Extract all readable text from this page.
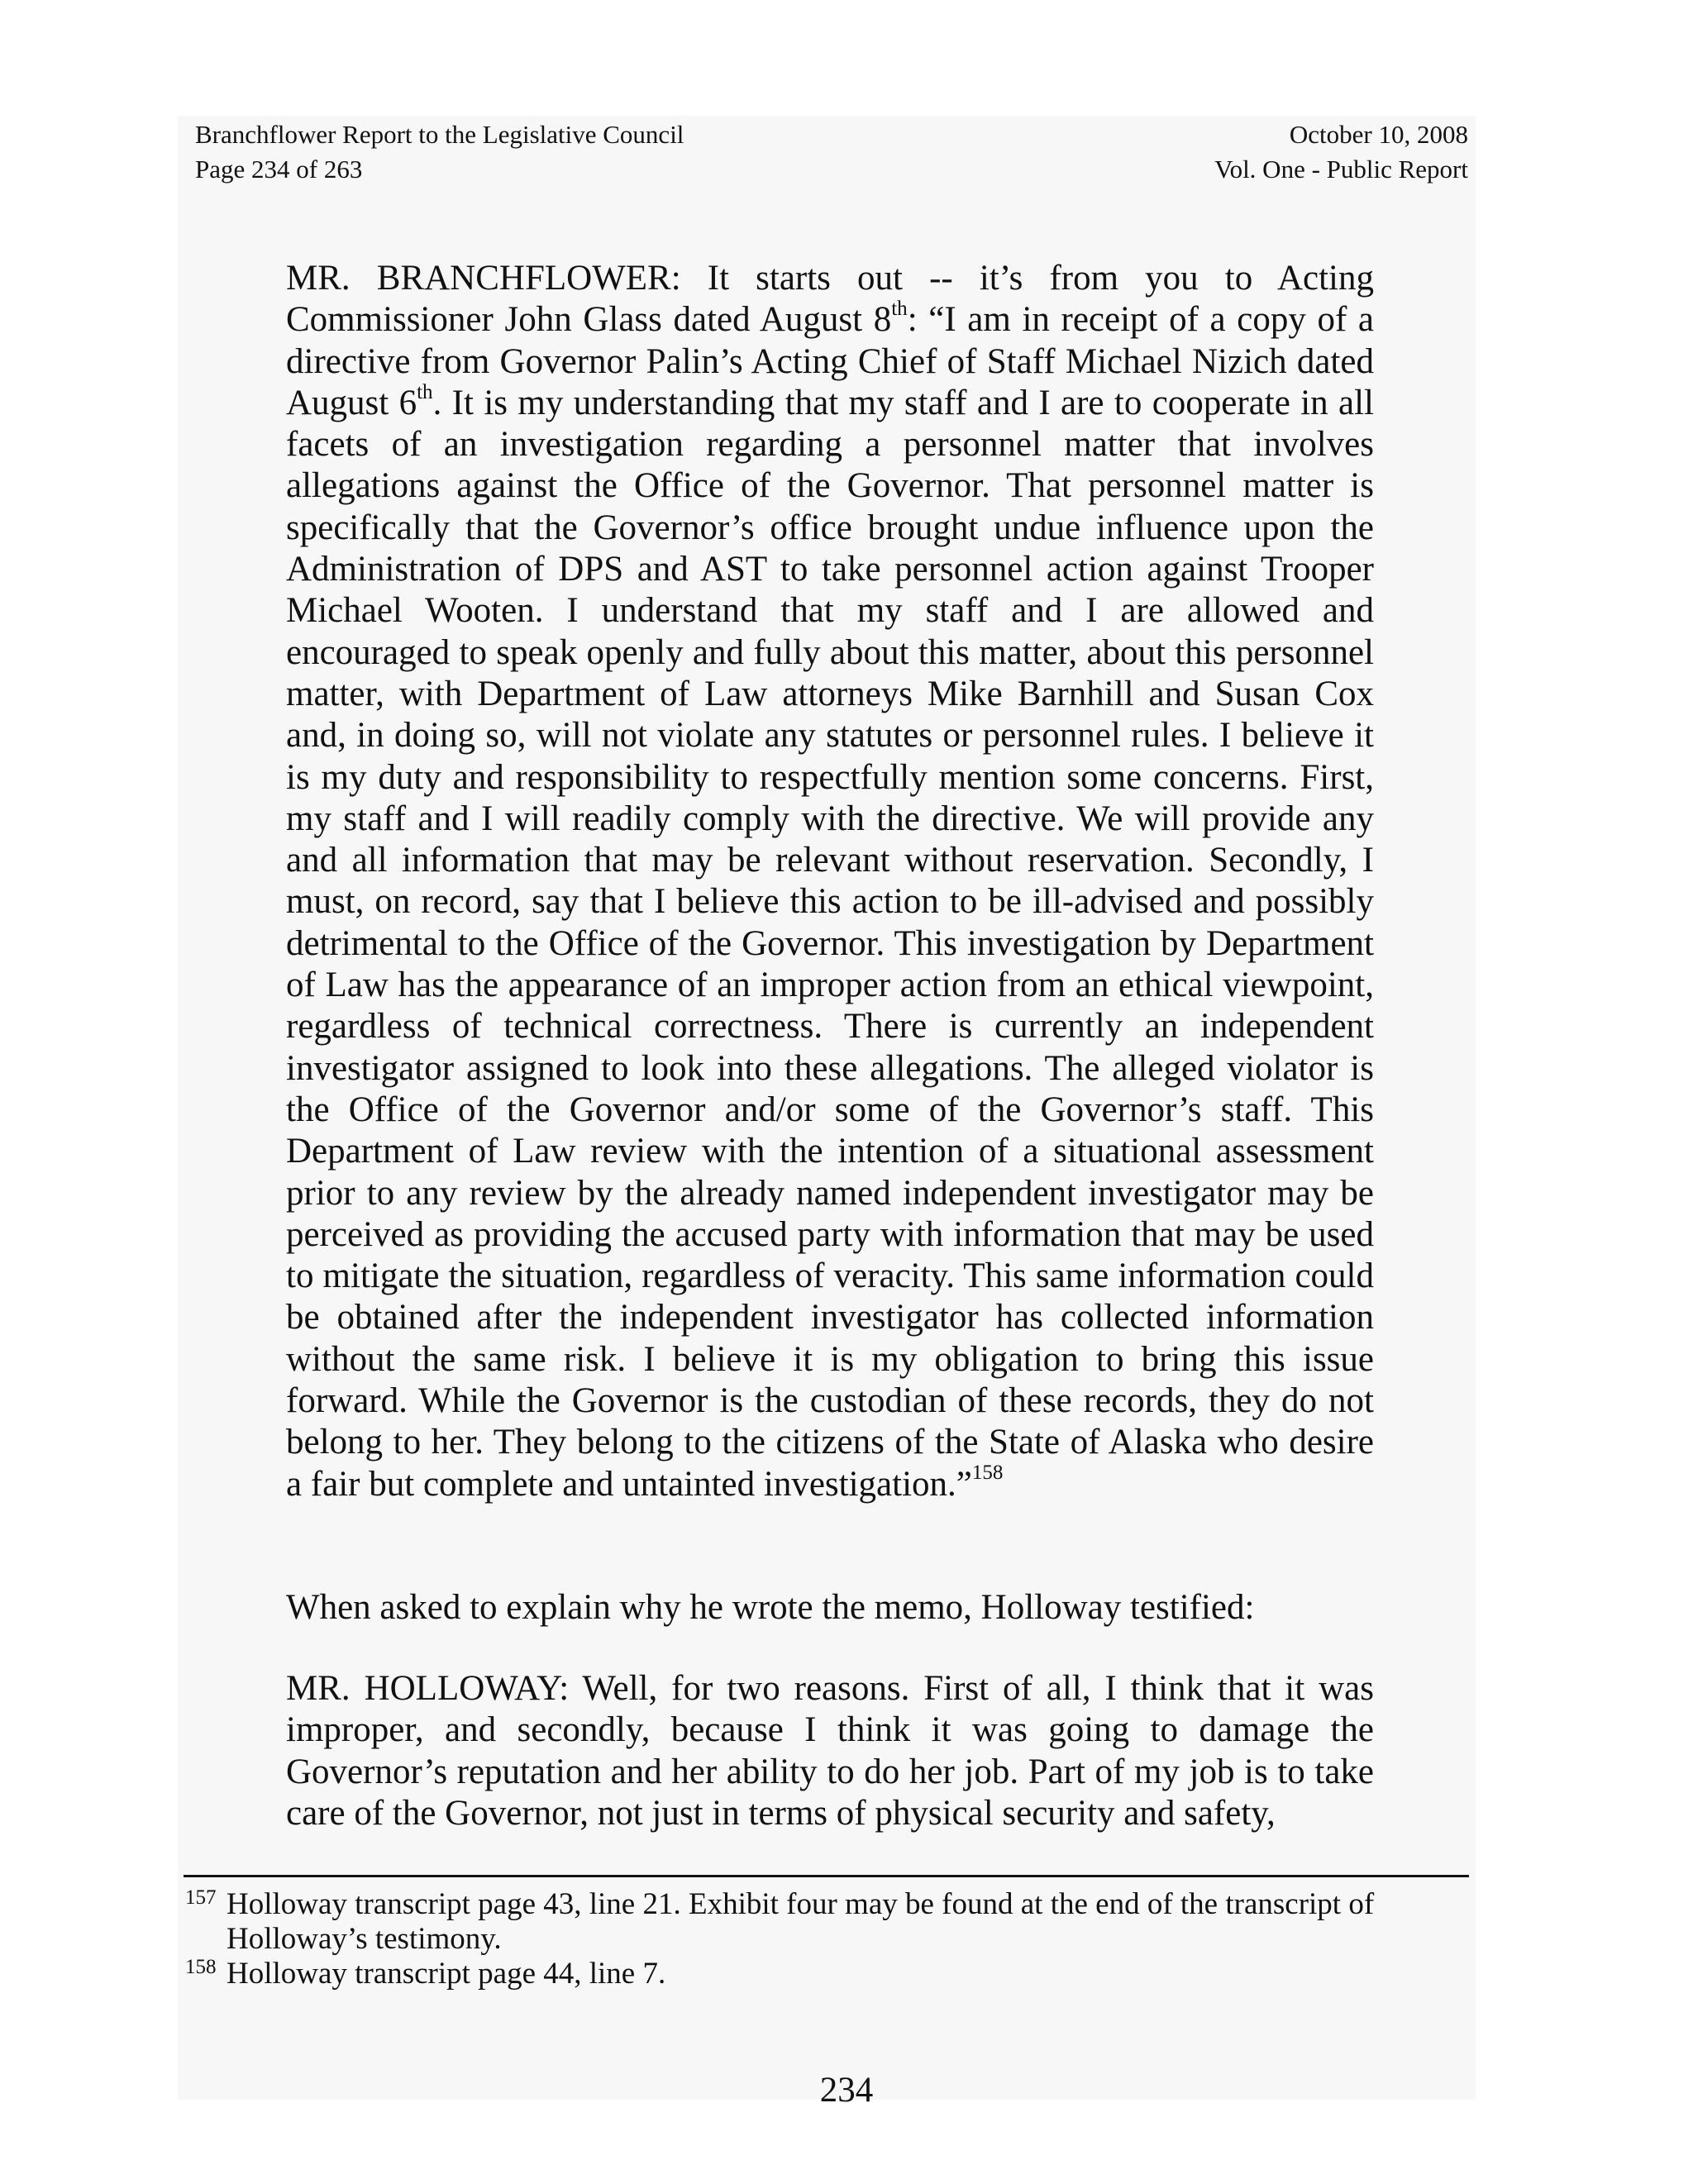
Branchflower Report to the Legislative Council
Page 234 of 263
October 10, 2008
Vol. One - Public Report
MR. BRANCHFLOWER: It starts out -- it’s from you to Acting Commissioner John Glass dated August 8th: “I am in receipt of a copy of a directive from Governor Palin’s Acting Chief of Staff Michael Nizich dated August 6th. It is my understanding that my staff and I are to cooperate in all facets of an investigation regarding a personnel matter that involves allegations against the Office of the Governor. That personnel matter is specifically that the Governor’s office brought undue influence upon the Administration of DPS and AST to take personnel action against Trooper Michael Wooten. I understand that my staff and I are allowed and encouraged to speak openly and fully about this matter, about this personnel matter, with Department of Law attorneys Mike Barnhill and Susan Cox and, in doing so, will not violate any statutes or personnel rules. I believe it is my duty and responsibility to respectfully mention some concerns. First, my staff and I will readily comply with the directive. We will provide any and all information that may be relevant without reservation. Secondly, I must, on record, say that I believe this action to be ill-advised and possibly detrimental to the Office of the Governor. This investigation by Department of Law has the appearance of an improper action from an ethical viewpoint, regardless of technical correctness. There is currently an independent investigator assigned to look into these allegations. The alleged violator is the Office of the Governor and/or some of the Governor’s staff. This Department of Law review with the intention of a situational assessment prior to any review by the already named independent investigator may be perceived as providing the accused party with information that may be used to mitigate the situation, regardless of veracity. This same information could be obtained after the independent investigator has collected information without the same risk. I believe it is my obligation to bring this issue forward. While the Governor is the custodian of these records, they do not belong to her. They belong to the citizens of the State of Alaska who desire a fair but complete and untainted investigation.”$^{158}$
When asked to explain why he wrote the memo, Holloway testified:
MR. HOLLOWAY: Well, for two reasons. First of all, I think that it was improper, and secondly, because I think it was going to damage the Governor’s reputation and her ability to do her job. Part of my job is to take care of the Governor, not just in terms of physical security and safety,
157 Holloway transcript page 43, line 21. Exhibit four may be found at the end of the transcript of Holloway’s testimony.
158 Holloway transcript page 44, line 7.
234
